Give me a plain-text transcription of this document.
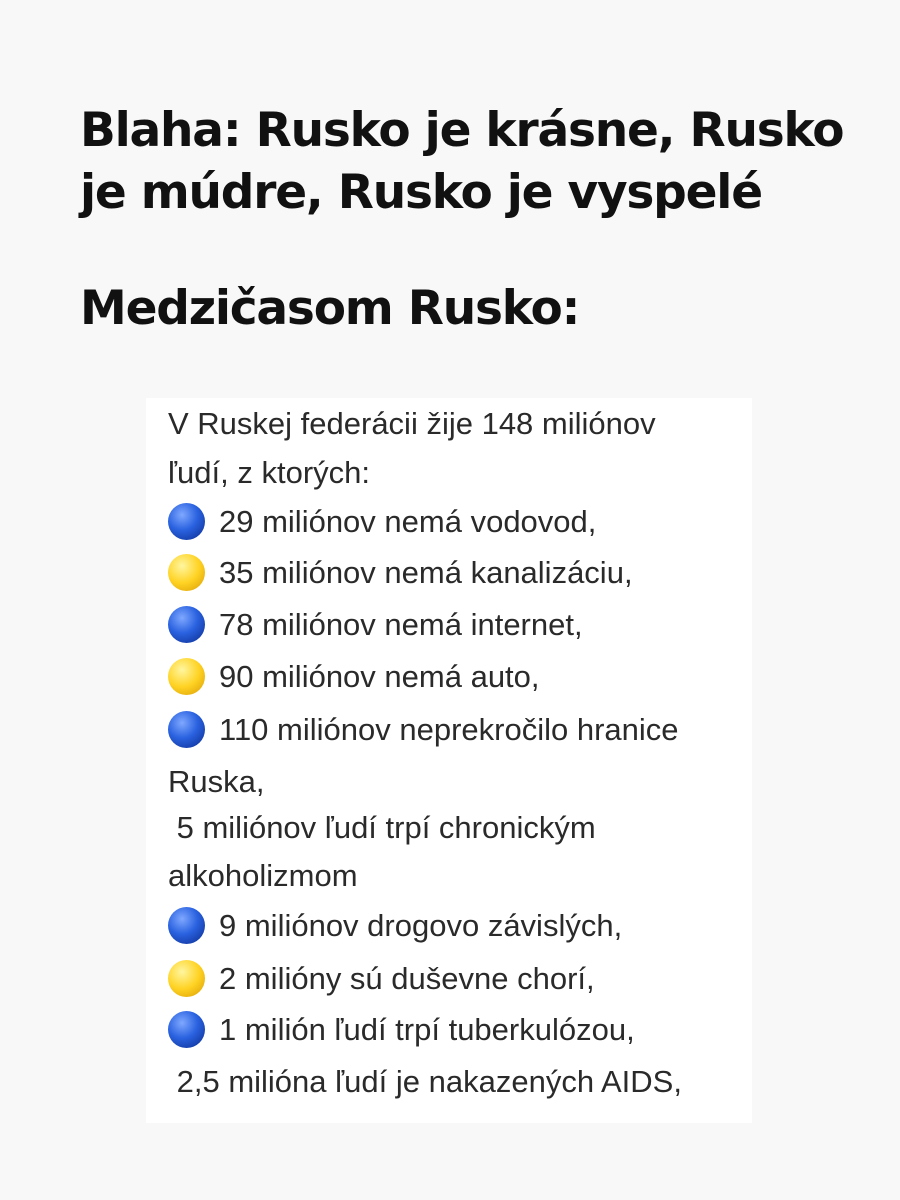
Blaha: Rusko je krásne, Rusko
je múdre, Rusko je vyspelé
Medzičasom Rusko:
V Ruskej federácii žije 148 miliónov
ľudí, z ktorých:
29 miliónov nemá vodovod,
35 miliónov nemá kanalizáciu,
78 miliónov nemá internet,
90 miliónov nemá auto,
110 miliónov neprekročilo hranice
Ruska,
5 miliónov ľudí trpí chronickým
alkoholizmom
9 miliónov drogovo závislých,
2 milióny sú duševne chorí,
1 milión ľudí trpí tuberkulózou,
2,5 milióna ľudí je nakazených AIDS,
